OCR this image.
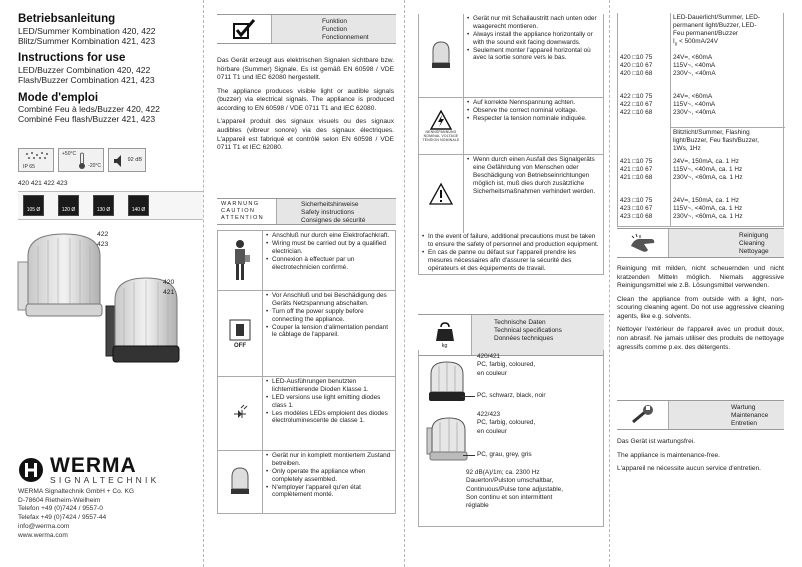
Betriebsanleitung
LED/Summer Kombination 420, 422
Blitz/Summer Kombination 421, 423
Instructions for use
LED/Buzzer Combination 420, 422
Flash/Buzzer Combination 421, 423
Mode d'emploi
Combiné Feu à leds/Buzzer 420, 422
Combiné Feu flash/Buzzer 421, 423
IP 65
+50°C
-20°C
92 dB
420 421 422 423
105
Ø	120
Ø	130
Ø	140
Ø
422
423
420
421
WERMA
SIGNALTECHNIK
WERMA Signaltechnik GmbH + Co. KG
D-78604 Rietheim-Weilheim
Telefon +49 (0)7424 / 9557-0
Telefax +49 (0)7424 / 9557-44
info@werma.com
www.werma.com
Funktion
Function
Fonctionnement

Das Gerät erzeugt aus elektrischen Signalen sichtbare bzw. hörbare (Summer) Signale. Es ist gemäß EN 60598 / VDE 0711 T1 und IEC 62080 hergestellt.

The appliance produces visible light or audible signals (buzzer) via electrical signals. The appliance is produced according to EN 60598 / VDE 0711 T1 and IEC 62080.

L'appareil produit des signaux visuels ou des signaux audibles (vibreur sonore) via des signaux électriques. L'appareil est fabriqué et contrôlé selon EN 60598 / VDE 0711 T1 et IEC 62080.

WARNUNG
CAUTION
ATTENTION
Sicherheitshinweise
Safety instructions
Consignes de sécurité
• Anschluß nur durch eine Elektrofachkraft.
• Wiring must be carried out by a qualified electrician.
• Connexion à effectuer par un électrotechnicien confirmé.
OFF
• Vor Anschluß und bei Beschädigung des Geräts Netzspannung abschalten.
• Turn off the power supply before connecting the appliance.
• Couper la tension d'alimentation pendant le câblage de l'appareil.
• LED-Ausführungen benutzten lichtemittierende Dioden Klasse 1.
• LED versions use light emitting diodes class 1.
• Les modèles LEDs emploient des diodes électroluminescente de classe 1.
• Gerät nur in komplett montiertem Zustand betreiben.
• Only operate the appliance when completely assembled.
• N'employer l'appareil qu'en état complètement monté.
• Gerät nur mit Schallaustritt nach unten oder waagerecht montieren.
• Always install the appliance horizontally or with the sound exit facing downwards.
• Seulement monter l'appareil horizontal où avec la sortie sonore vers le bas.
NENNSPANNUNG
NOMINAL VOLTAGE
TENSION NOMINALE
• Auf korrekte Nennspannung achten.
• Observe the correct nominal voltage.
• Respecter la tension nominale indiquée.
• Wenn durch einen Ausfall des Signalgeräts eine Gefährdung von Menschen oder Beschädigung von Betriebseinrichtungen möglich ist, muß dies durch zusätzliche Sicherheitsmaßnahmen verhindert werden.
• In the event of failure, additional precautions must be taken to ensure the safety of personnel and production equipment.
• En cas de panne ou défaut sur l'appareil prendre les mesures nécessaires afin d'assurer la sécurité des opérateurs et des équipements de travail.
kg
Technische Daten
Technical specifications
Données techniques
420/421
PC, farbig, coloured,
en couleur
PC, schwarz, black, noir
422/423
PC, farbig, coloured,
en couleur
PC, grau, grey, gris
92 dB(A)/1m; ca. 2300 Hz
Dauerton/Pulston umschaltbar,
Continuous/Pulse tone adjustable,
Son continu et son intermittent
réglable
LED-Dauerlicht/Summer, LED-
permanent light/Buzzer, LED-
Feu permanent/Buzzer
$I_0 < 500mA/24V$
420 □10 75	24V=, <60mA
420 □10 67	115V~, <40mA
420 □10 68	230V~, <40mA
422 □10 75	24V=, <60mA
422 □10 67	115V~, <40mA
422 □10 68	230V~, <40mA
Blitzlicht/Summer, Flashing
light/Buzzer, Feu flash/Buzzer,
1Ws, 1Hz
421 □10 75	24V=, 150mA, ca. 1 Hz
421 □10 67	115V~, <40mA, ca. 1 Hz
421 □10 68	230V~, <60mA, ca. 1 Hz
423 □10 75	24V=, 150mA, ca. 1 Hz
423 □10 67	115V~, <40mA, ca. 1 Hz
423 □10 68	230V~, <60mA, ca. 1 Hz
Reinigung
Cleaning
Nettoyage

Reinigung mit milden, nicht scheuernden und nicht kratzenden Mitteln möglich. Niemals aggressive Reinigungsmittel wie z.B. Lösungsmittel verwenden.

Clean the appliance from outside with a light, non-scouring cleaning agent. Do not use aggressive cleaning agents, like e.g. solvents.

Nettoyer l'extérieur de l'appareil avec un produit doux, non abrasif. Ne jamais utiliser des produits de nettoyage agressifs comme p.ex. des détergents.

Wartung
Maintenance
Entretien

Das Gerät ist wartungsfrei.

The appliance is maintenance-free.

L'appareil ne nécessite aucun service d'entretien.
